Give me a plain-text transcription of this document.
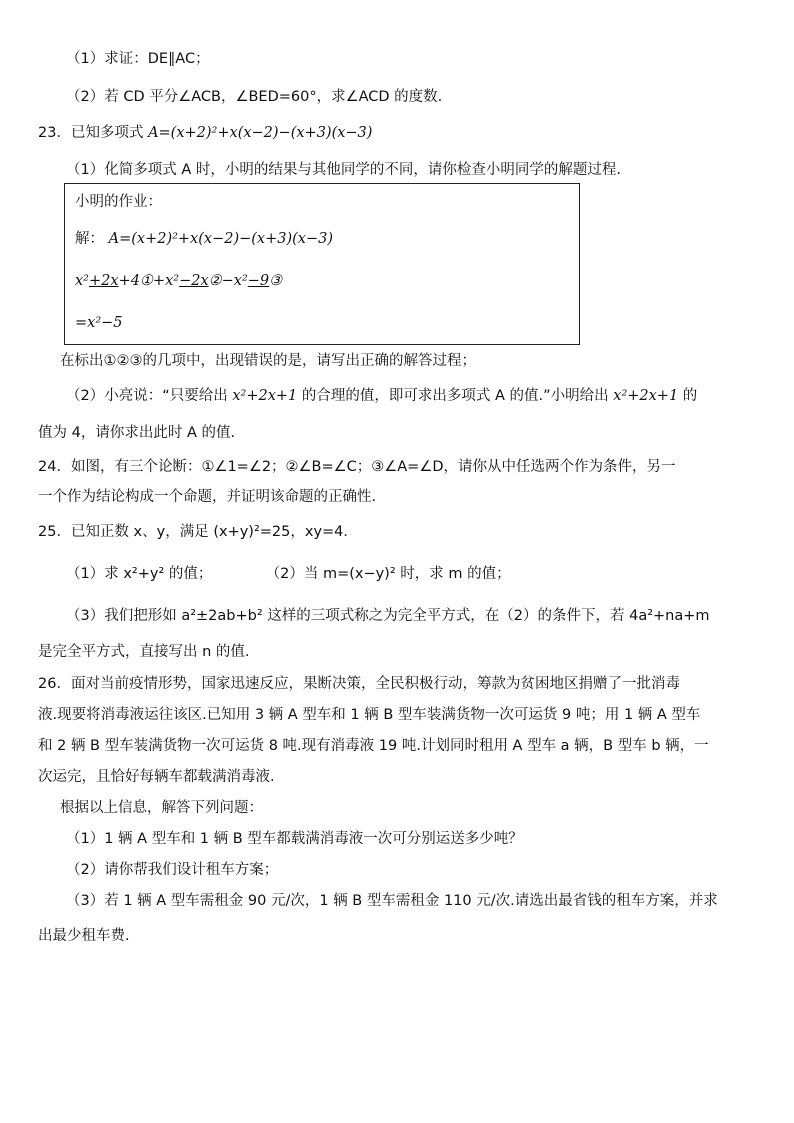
（1）求证：DE∥AC；
（2）若 CD 平分∠ACB，∠BED=60°，求∠ACD 的度数.
23．已知多项式 A=(x+2)²+x(x−2)−(x+3)(x−3)
（1）化简多项式 A 时，小明的结果与其他同学的不同，请你检查小明同学的解题过程.
小明的作业：
解： A=(x+2)²+x(x−2)−(x+3)(x−3)
x²+2x+4①+x²−2x②−x²−9③
=x²−5
在标出①②③的几项中，出现错误的是，请写出正确的解答过程；
（2）小亮说：“只要给出 x²+2x+1 的合理的值，即可求出多项式 A 的值.”小明给出 x²+2x+1 的
值为 4，请你求出此时 A 的值.
24．如图，有三个论断：①∠1=∠2；②∠B=∠C；③∠A=∠D，请你从中任选两个作为条件，另一
一个作为结论构成一个命题，并证明该命题的正确性.
25．已知正数 x、y，满足 (x+y)²=25，xy=4．
（1）求 x²+y² 的值；	（2）当 m=(x−y)² 时，求 m 的值；
（3）我们把形如 a²±2ab+b² 这样的三项式称之为完全平方式，在（2）的条件下，若 4a²+na+m
是完全平方式，直接写出 n 的值.
26．面对当前疫情形势，国家迅速反应，果断决策，全民积极行动，筹款为贫困地区捐赠了一批消毒
液.现要将消毒液运往该区.已知用 3 辆 A 型车和 1 辆 B 型车装满货物一次可运货 9 吨；用 1 辆 A 型车
和 2 辆 B 型车装满货物一次可运货 8 吨.现有消毒液 19 吨.计划同时租用 A 型车 a 辆，B 型车 b 辆，一
次运完，且恰好每辆车都载满消毒液.
根据以上信息，解答下列问题：
（1）1 辆 A 型车和 1 辆 B 型车都载满消毒液一次可分别运送多少吨？
（2）请你帮我们设计租车方案；
（3）若 1 辆 A 型车需租金 90 元/次，1 辆 B 型车需租金 110 元/次.请选出最省钱的租车方案，并求
出最少租车费.
